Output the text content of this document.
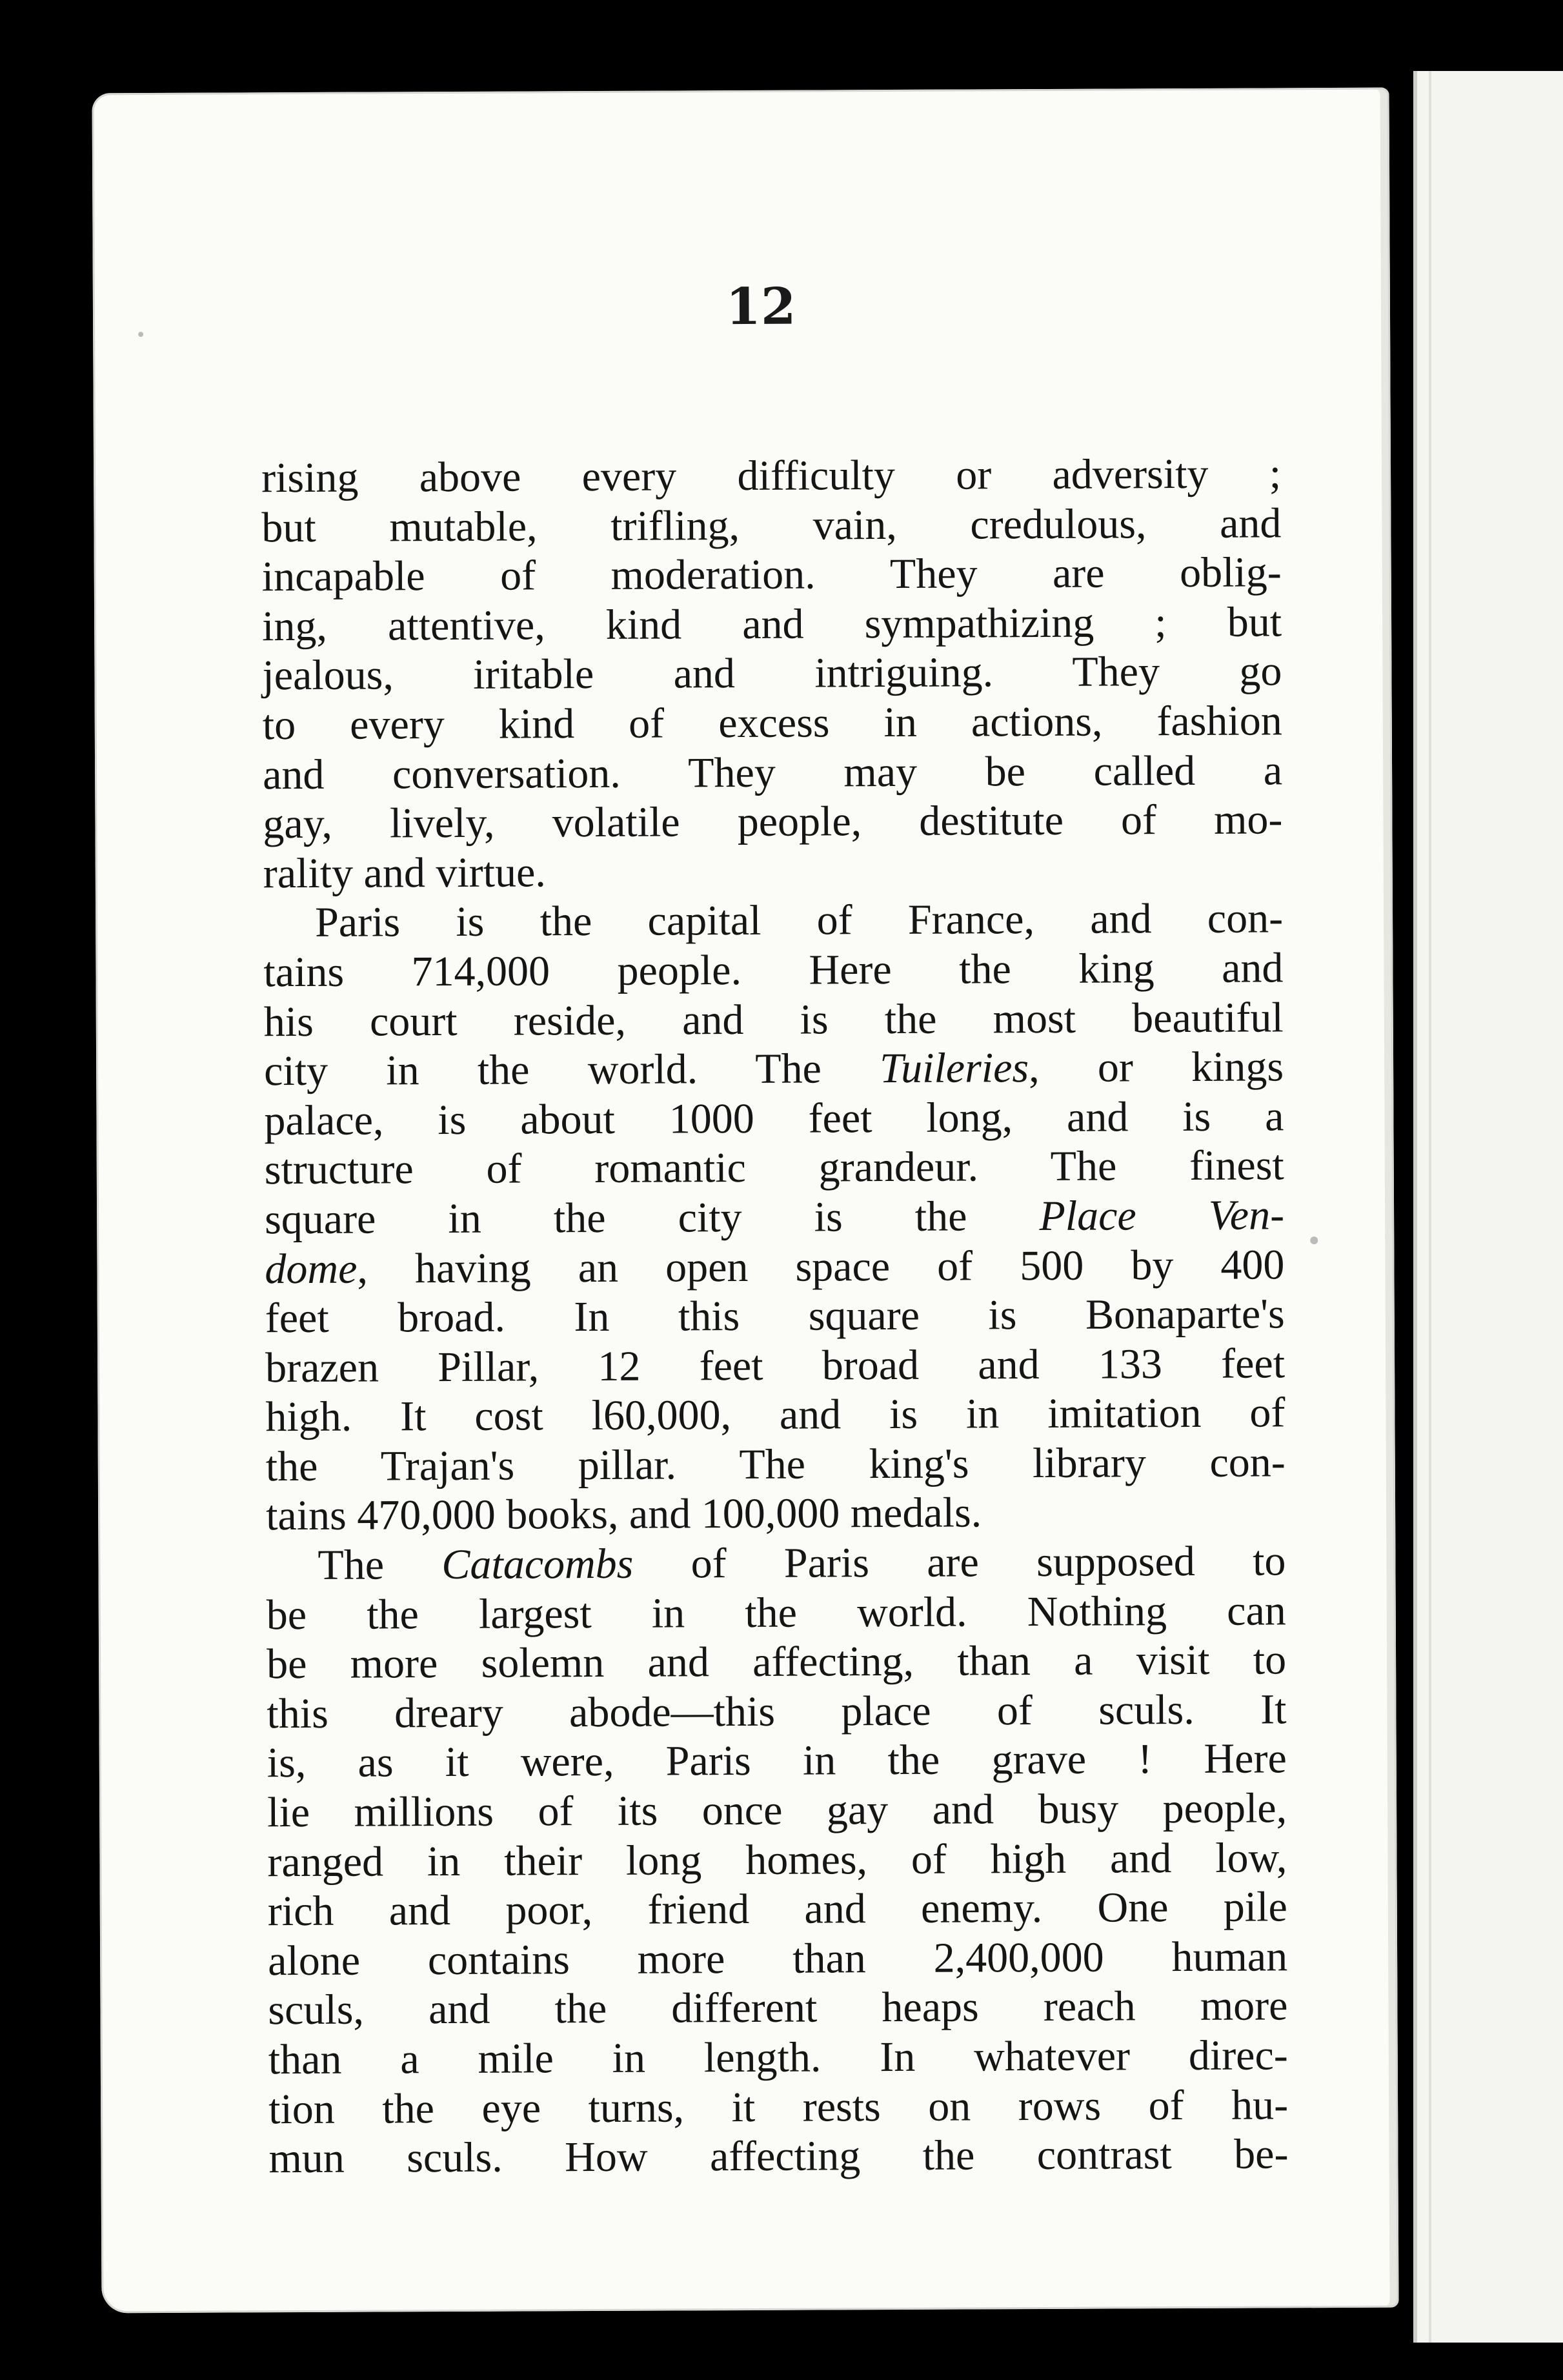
12
rising above every difficulty or adversity ;
but mutable, trifling, vain, credulous, and
incapable of moderation. They are oblig-
ing, attentive, kind and sympathizing ; but
jealous, iritable and intriguing. They go
to every kind of excess in actions, fashion
and conversation. They may be called a
gay, lively, volatile people, destitute of mo-
rality and virtue.
Paris is the capital of France, and con-
tains 714,000 people. Here the king and
his court reside, and is the most beautiful
city in the world. The Tuileries, or kings
palace, is about 1000 feet long, and is a
structure of romantic grandeur. The finest
square in the city is the Place Ven-
dome, having an open space of 500 by 400
feet broad. In this square is Bonaparte's
brazen Pillar, 12 feet broad and 133 feet
high. It cost l60,000, and is in imitation of
the Trajan's pillar. The king's library con-
tains 470,000 books, and 100,000 medals.
The Catacombs of Paris are supposed to
be the largest in the world. Nothing can
be more solemn and affecting, than a visit to
this dreary abode—this place of sculs. It
is, as it were, Paris in the grave ! Here
lie millions of its once gay and busy people,
ranged in their long homes, of high and low,
rich and poor, friend and enemy. One pile
alone contains more than 2,400,000 human
sculs, and the different heaps reach more
than a mile in length. In whatever direc-
tion the eye turns, it rests on rows of hu-
mun sculs. How affecting the contrast be-
